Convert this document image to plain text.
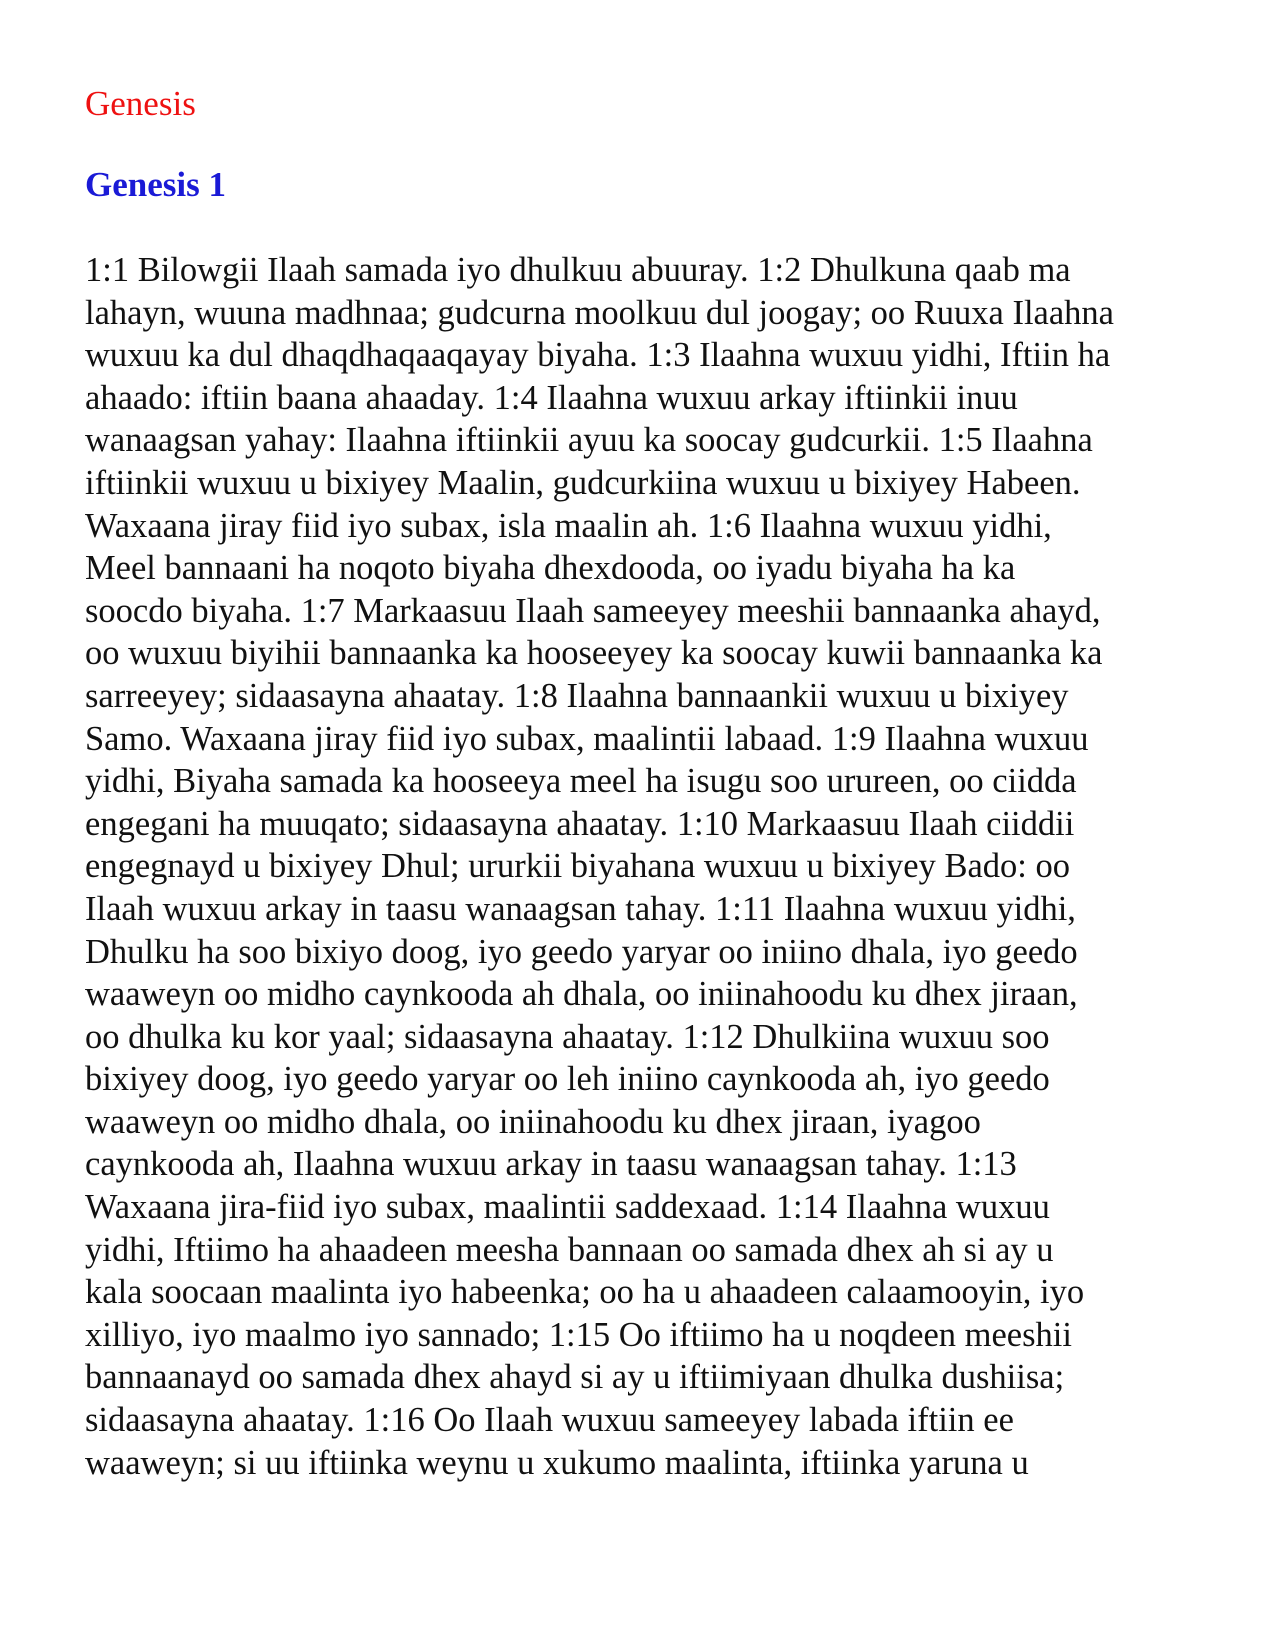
Genesis
Genesis 1
1:1 Bilowgii Ilaah samada iyo dhulkuu abuuray. 1:2 Dhulkuna qaab ma
lahayn, wuuna madhnaa; gudcurna moolkuu dul joogay; oo Ruuxa Ilaahna
wuxuu ka dul dhaqdhaqaaqayay biyaha. 1:3 Ilaahna wuxuu yidhi, Iftiin ha
ahaado: iftiin baana ahaaday. 1:4 Ilaahna wuxuu arkay iftiinkii inuu
wanaagsan yahay: Ilaahna iftiinkii ayuu ka soocay gudcurkii. 1:5 Ilaahna
iftiinkii wuxuu u bixiyey Maalin, gudcurkiina wuxuu u bixiyey Habeen.
Waxaana jiray fiid iyo subax, isla maalin ah. 1:6 Ilaahna wuxuu yidhi,
Meel bannaani ha noqoto biyaha dhexdooda, oo iyadu biyaha ha ka
soocdo biyaha. 1:7 Markaasuu Ilaah sameeyey meeshii bannaanka ahayd,
oo wuxuu biyihii bannaanka ka hooseeyey ka soocay kuwii bannaanka ka
sarreeyey; sidaasayna ahaatay. 1:8 Ilaahna bannaankii wuxuu u bixiyey
Samo. Waxaana jiray fiid iyo subax, maalintii labaad. 1:9 Ilaahna wuxuu
yidhi, Biyaha samada ka hooseeya meel ha isugu soo urureen, oo ciidda
engegani ha muuqato; sidaasayna ahaatay. 1:10 Markaasuu Ilaah ciiddii
engegnayd u bixiyey Dhul; ururkii biyahana wuxuu u bixiyey Bado: oo
Ilaah wuxuu arkay in taasu wanaagsan tahay. 1:11 Ilaahna wuxuu yidhi,
Dhulku ha soo bixiyo doog, iyo geedo yaryar oo iniino dhala, iyo geedo
waaweyn oo midho caynkooda ah dhala, oo iniinahoodu ku dhex jiraan,
oo dhulka ku kor yaal; sidaasayna ahaatay. 1:12 Dhulkiina wuxuu soo
bixiyey doog, iyo geedo yaryar oo leh iniino caynkooda ah, iyo geedo
waaweyn oo midho dhala, oo iniinahoodu ku dhex jiraan, iyagoo
caynkooda ah, Ilaahna wuxuu arkay in taasu wanaagsan tahay. 1:13
Waxaana jira-fiid iyo subax, maalintii saddexaad. 1:14 Ilaahna wuxuu
yidhi, Iftiimo ha ahaadeen meesha bannaan oo samada dhex ah si ay u
kala soocaan maalinta iyo habeenka; oo ha u ahaadeen calaamooyin, iyo
xilliyo, iyo maalmo iyo sannado; 1:15 Oo iftiimo ha u noqdeen meeshii
bannaanayd oo samada dhex ahayd si ay u iftiimiyaan dhulka dushiisa;
sidaasayna ahaatay. 1:16 Oo Ilaah wuxuu sameeyey labada iftiin ee
waaweyn; si uu iftiinka weynu u xukumo maalinta, iftiinka yaruna u
